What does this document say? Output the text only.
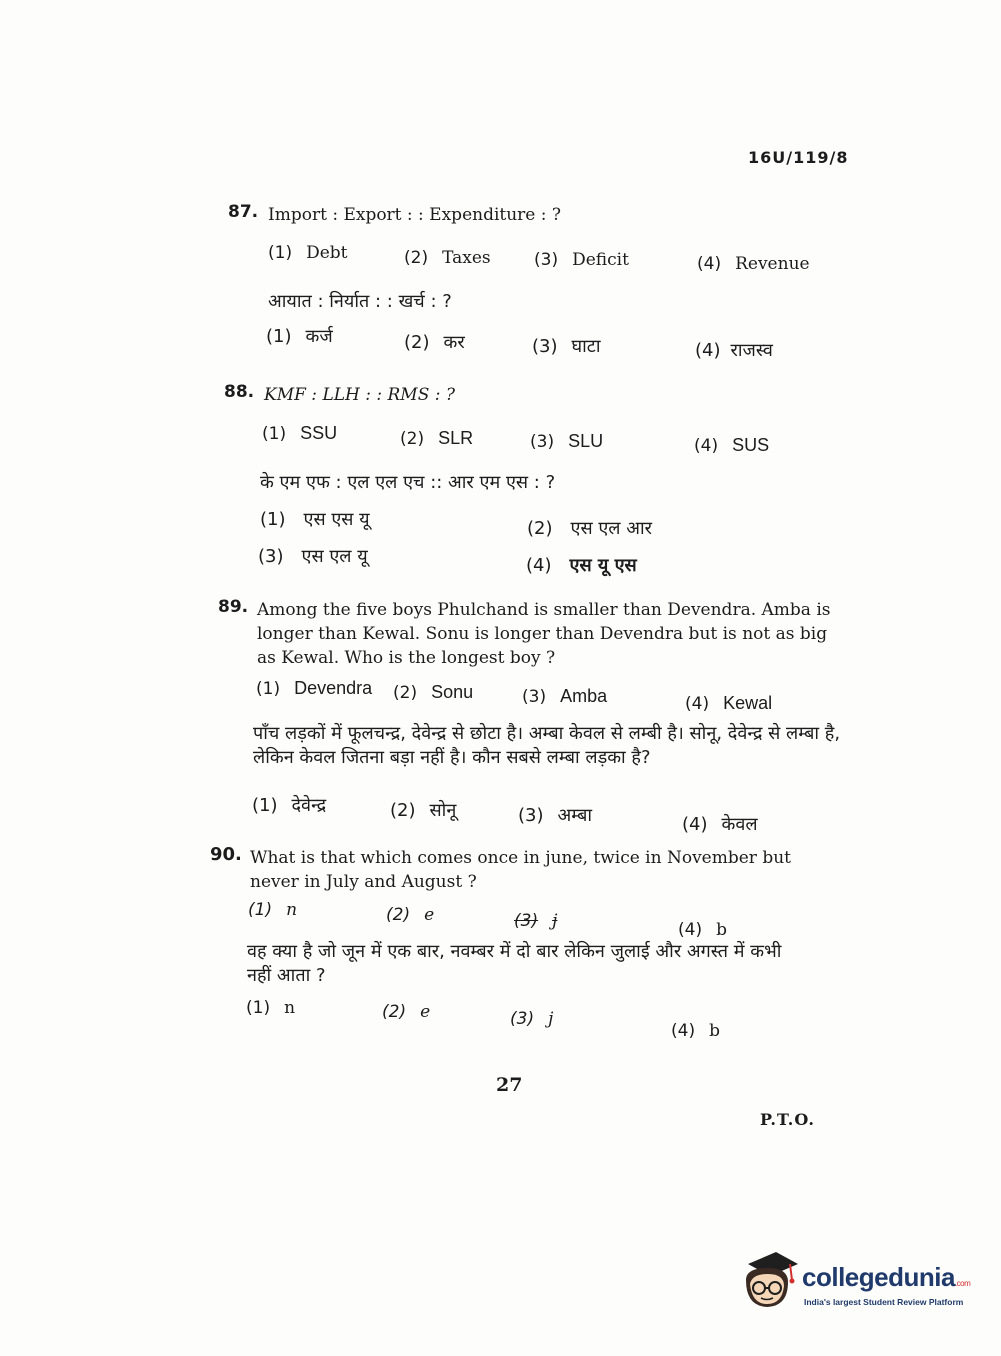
16U/119/8
87. Import : Export : : Expenditure : ?
(1) Debt	(2) Taxes	(3) Deficit	(4) Revenue
आयात : निर्यात : : खर्च : ?
(1) कर्ज	(2) कर	(3) घाटा	(4) राजस्व
88. KMF : LLH : : RMS : ?
(1) SSU	(2) SLR	(3) SLU	(4) SUS
के एम एफ : एल एल एच :: आर एम एस : ?
(1) एस एस यू	(2) एस एल आर
(3) एस एल यू	(4) एस यू एस
89. Among the five boys Phulchand is smaller than Devendra. Amba is longer than Kewal. Sonu is longer than Devendra but is not as big as Kewal. Who is the longest boy ?
(1) Devendra (2) Sonu	(3) Amba	(4) Kewal
पाँच लड़कों में फूलचन्द्र, देवेन्द्र से छोटा है। अम्बा केवल से लम्बी है। सोनू, देवेन्द्र से लम्बा है, लेकिन केवल जितना बड़ा नहीं है। कौन सबसे लम्बा लड़का है?
(1) देवेन्द्र	(2) सोनू	(3) अम्बा	(4) केवल
90. What is that which comes once in june, twice in November but never in July and August ?
(1) n	(2) e	(3) j	(4) b
वह क्या है जो जून में एक बार, नवम्बर में दो बार लेकिन जुलाई और अगस्त में कभी नहीं आता ?
(1) n	(2) e	(3) j
(4) b
27
P.T.O.
collegedunia.com
India's largest Student Review Platform
